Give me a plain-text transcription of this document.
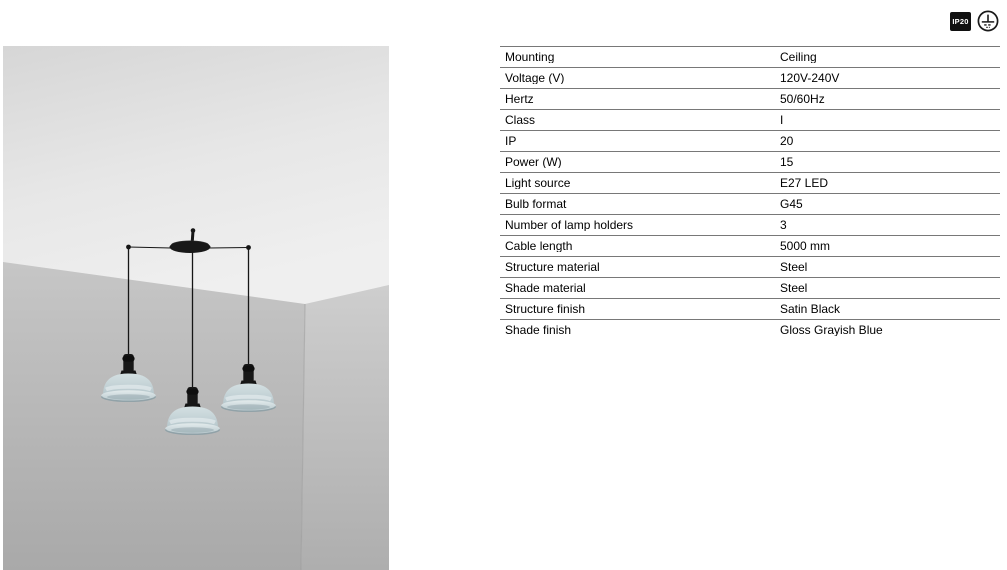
IP20
Mounting	Ceiling
Voltage (V)	120V-240V
Hertz	50/60Hz
Class	I
IP	20
Power (W)	15
Light source	E27 LED
Bulb format	G45
Number of lamp holders	3
Cable length	5000 mm
Structure material	Steel
Shade material	Steel
Structure finish	Satin Black
Shade finish	Gloss Grayish Blue
